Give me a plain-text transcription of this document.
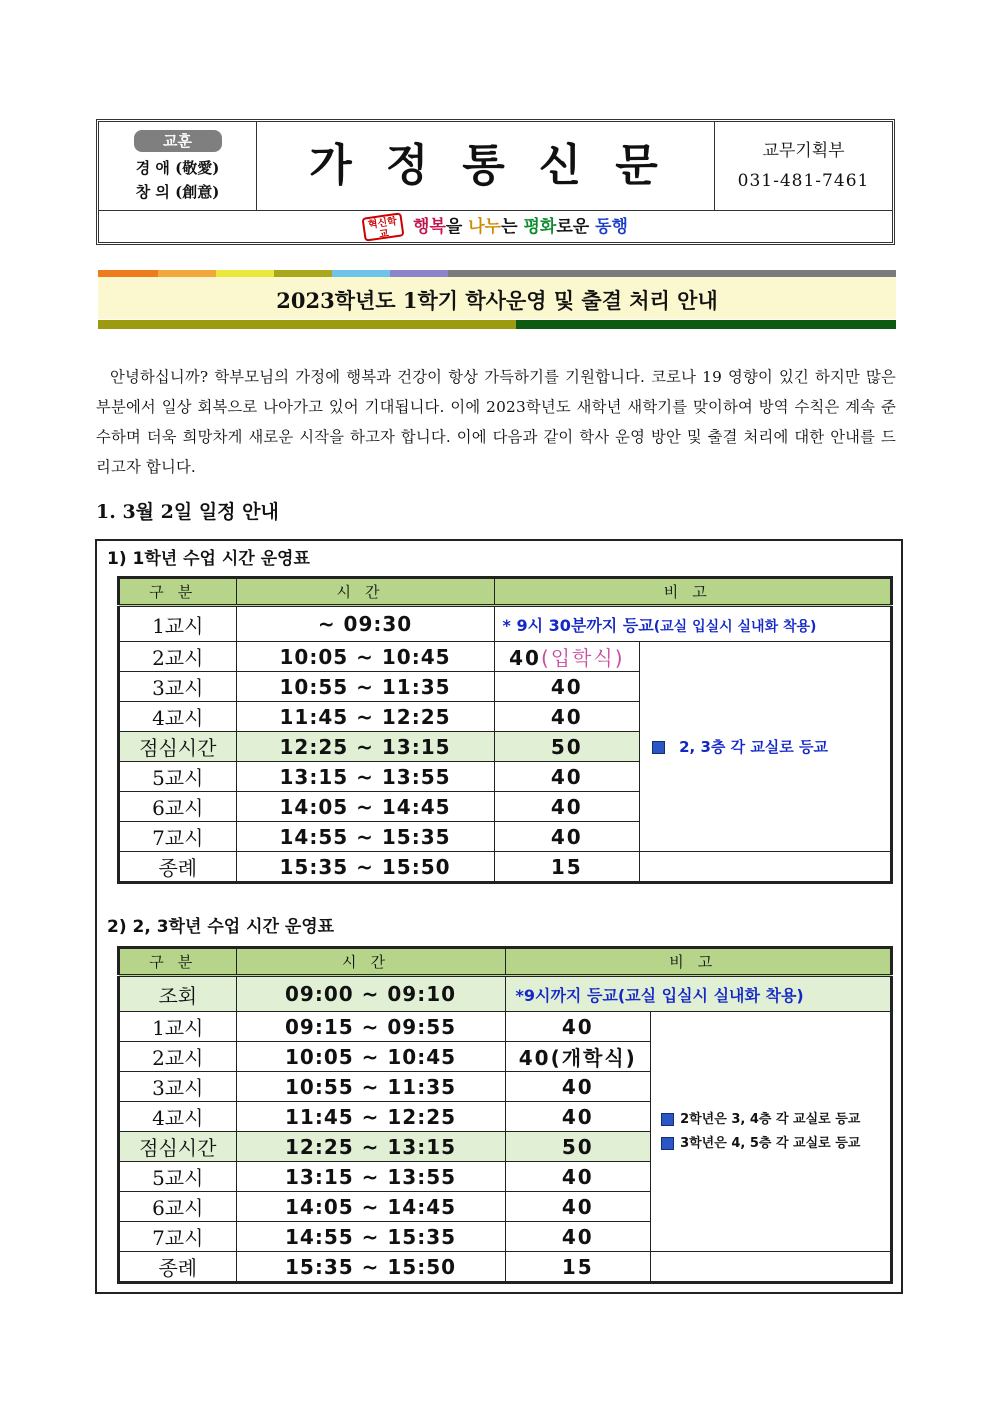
교훈
경 애 (敬愛)
창 의 (創意)
가정통신문	교무기획부
031-481-7461
혁신학교 행복을 나누는 평화로운 동행
2023학년도 1학기 학사운영 및 출결 처리 안내
안녕하십니까? 학부모님의 가정에 행복과 건강이 항상 가득하기를 기원합니다. 코로나 19 영향이 있긴 하지만 많은 부분에서 일상 회복으로 나아가고 있어 기대됩니다. 이에 2023학년도 새학년 새학기를 맞이하여 방역 수칙은 계속 준수하며 더욱 희망차게 새로운 시작을 하고자 합니다. 이에 다음과 같이 학사 운영 방안 및 출결 처리에 대한 안내를 드리고자 합니다.
1. 3월 2일 일정 안내
1) 1학년 수업 시간 운영표
구분	시간	비고	
1교시	~ 09:30	* 9시 30분까지 등교(교실 입실시 실내화 착용)	
2교시	10:05 ~ 10:45	40(입학식)	2, 3층 각 교실로 등교
3교시	10:55 ~ 11:35	40	
4교시	11:45 ~ 12:25	40	
점심시간	12:25 ~ 13:15	50	
5교시	13:15 ~ 13:55	40	
6교시	14:05 ~ 14:45	40	
7교시	14:55 ~ 15:35	40	
종례	15:35 ~ 15:50	15	
2) 2, 3학년 수업 시간 운영표
구분	시간	비고	
조회	09:00 ~ 09:10	*9시까지 등교(교실 입실시 실내화 착용)	
1교시	09:15 ~ 09:55	40	2학년은 3, 4층 각 교실로 등교
3학년은 4, 5층 각 교실로 등교

2교시	10:05 ~ 10:45	40(개학식)	
3교시	10:55 ~ 11:35	40	
4교시	11:45 ~ 12:25	40	
점심시간	12:25 ~ 13:15	50	
5교시	13:15 ~ 13:55	40	
6교시	14:05 ~ 14:45	40	
7교시	14:55 ~ 15:35	40	
종례	15:35 ~ 15:50	15	
